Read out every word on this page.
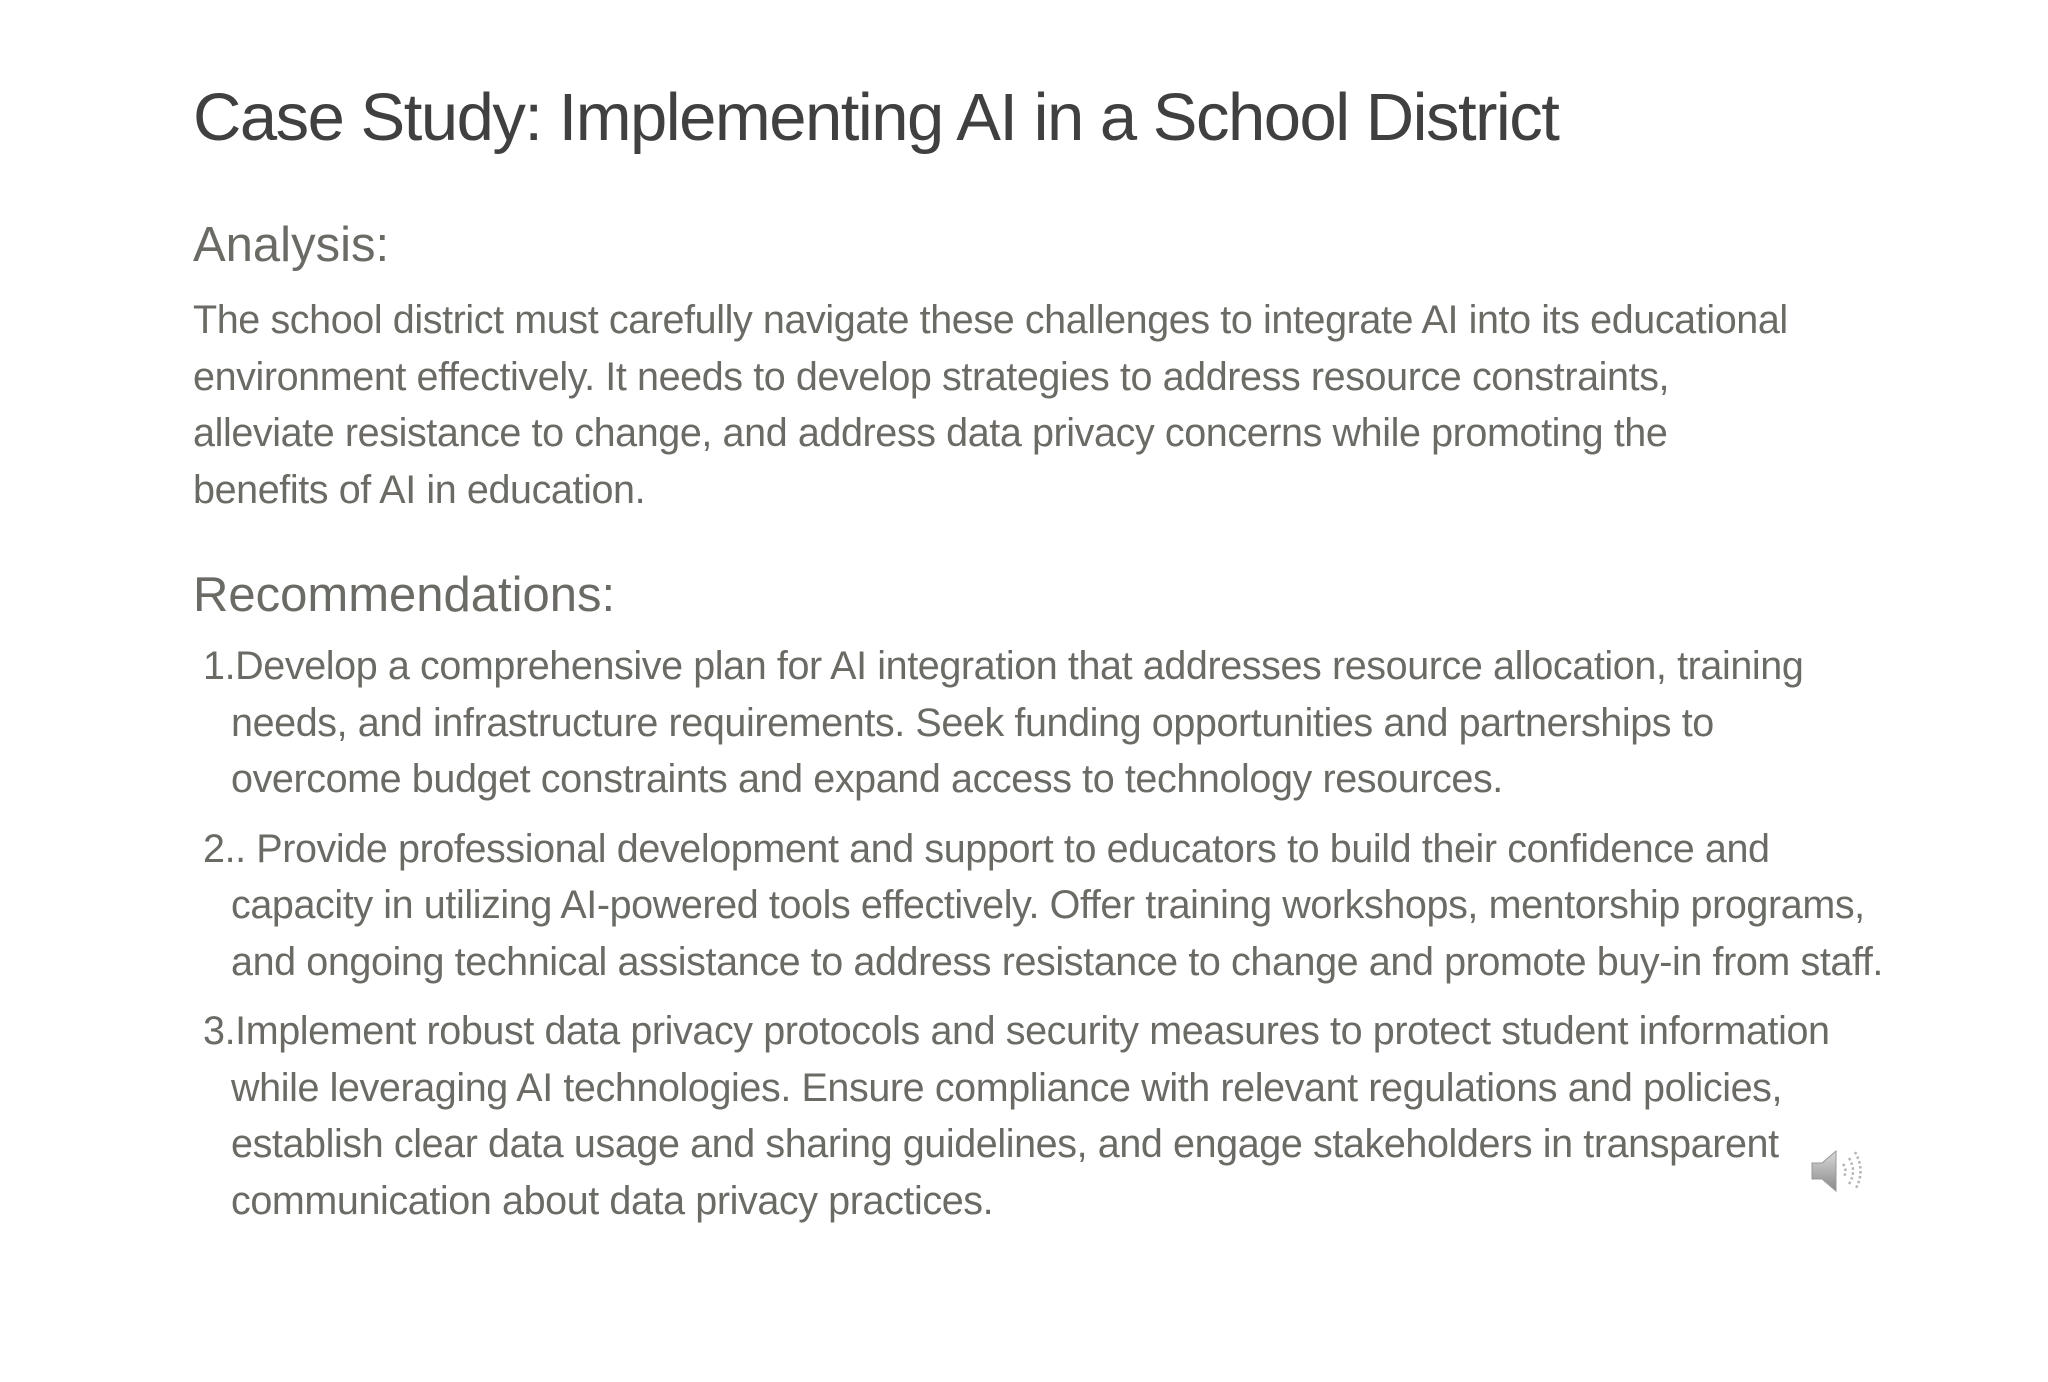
Case Study: Implementing AI in a School District
Analysis:

The school district must carefully navigate these challenges to integrate AI into its educational environment effectively. It needs to develop strategies to address resource constraints, alleviate resistance to change, and address data privacy concerns while promoting the benefits of AI in education.

Recommendations:
1.Develop a comprehensive plan for AI integration that addresses resource allocation, training needs, and infrastructure requirements. Seek funding opportunities and partnerships to overcome budget constraints and expand access to technology resources.
2.. Provide professional development and support to educators to build their confidence and capacity in utilizing AI-powered tools effectively. Offer training workshops, mentorship programs, and ongoing technical assistance to address resistance to change and promote buy-in from staff.
3.Implement robust data privacy protocols and security measures to protect student information while leveraging AI technologies. Ensure compliance with relevant regulations and policies, establish clear data usage and sharing guidelines, and engage stakeholders in transparent communication about data privacy practices.
